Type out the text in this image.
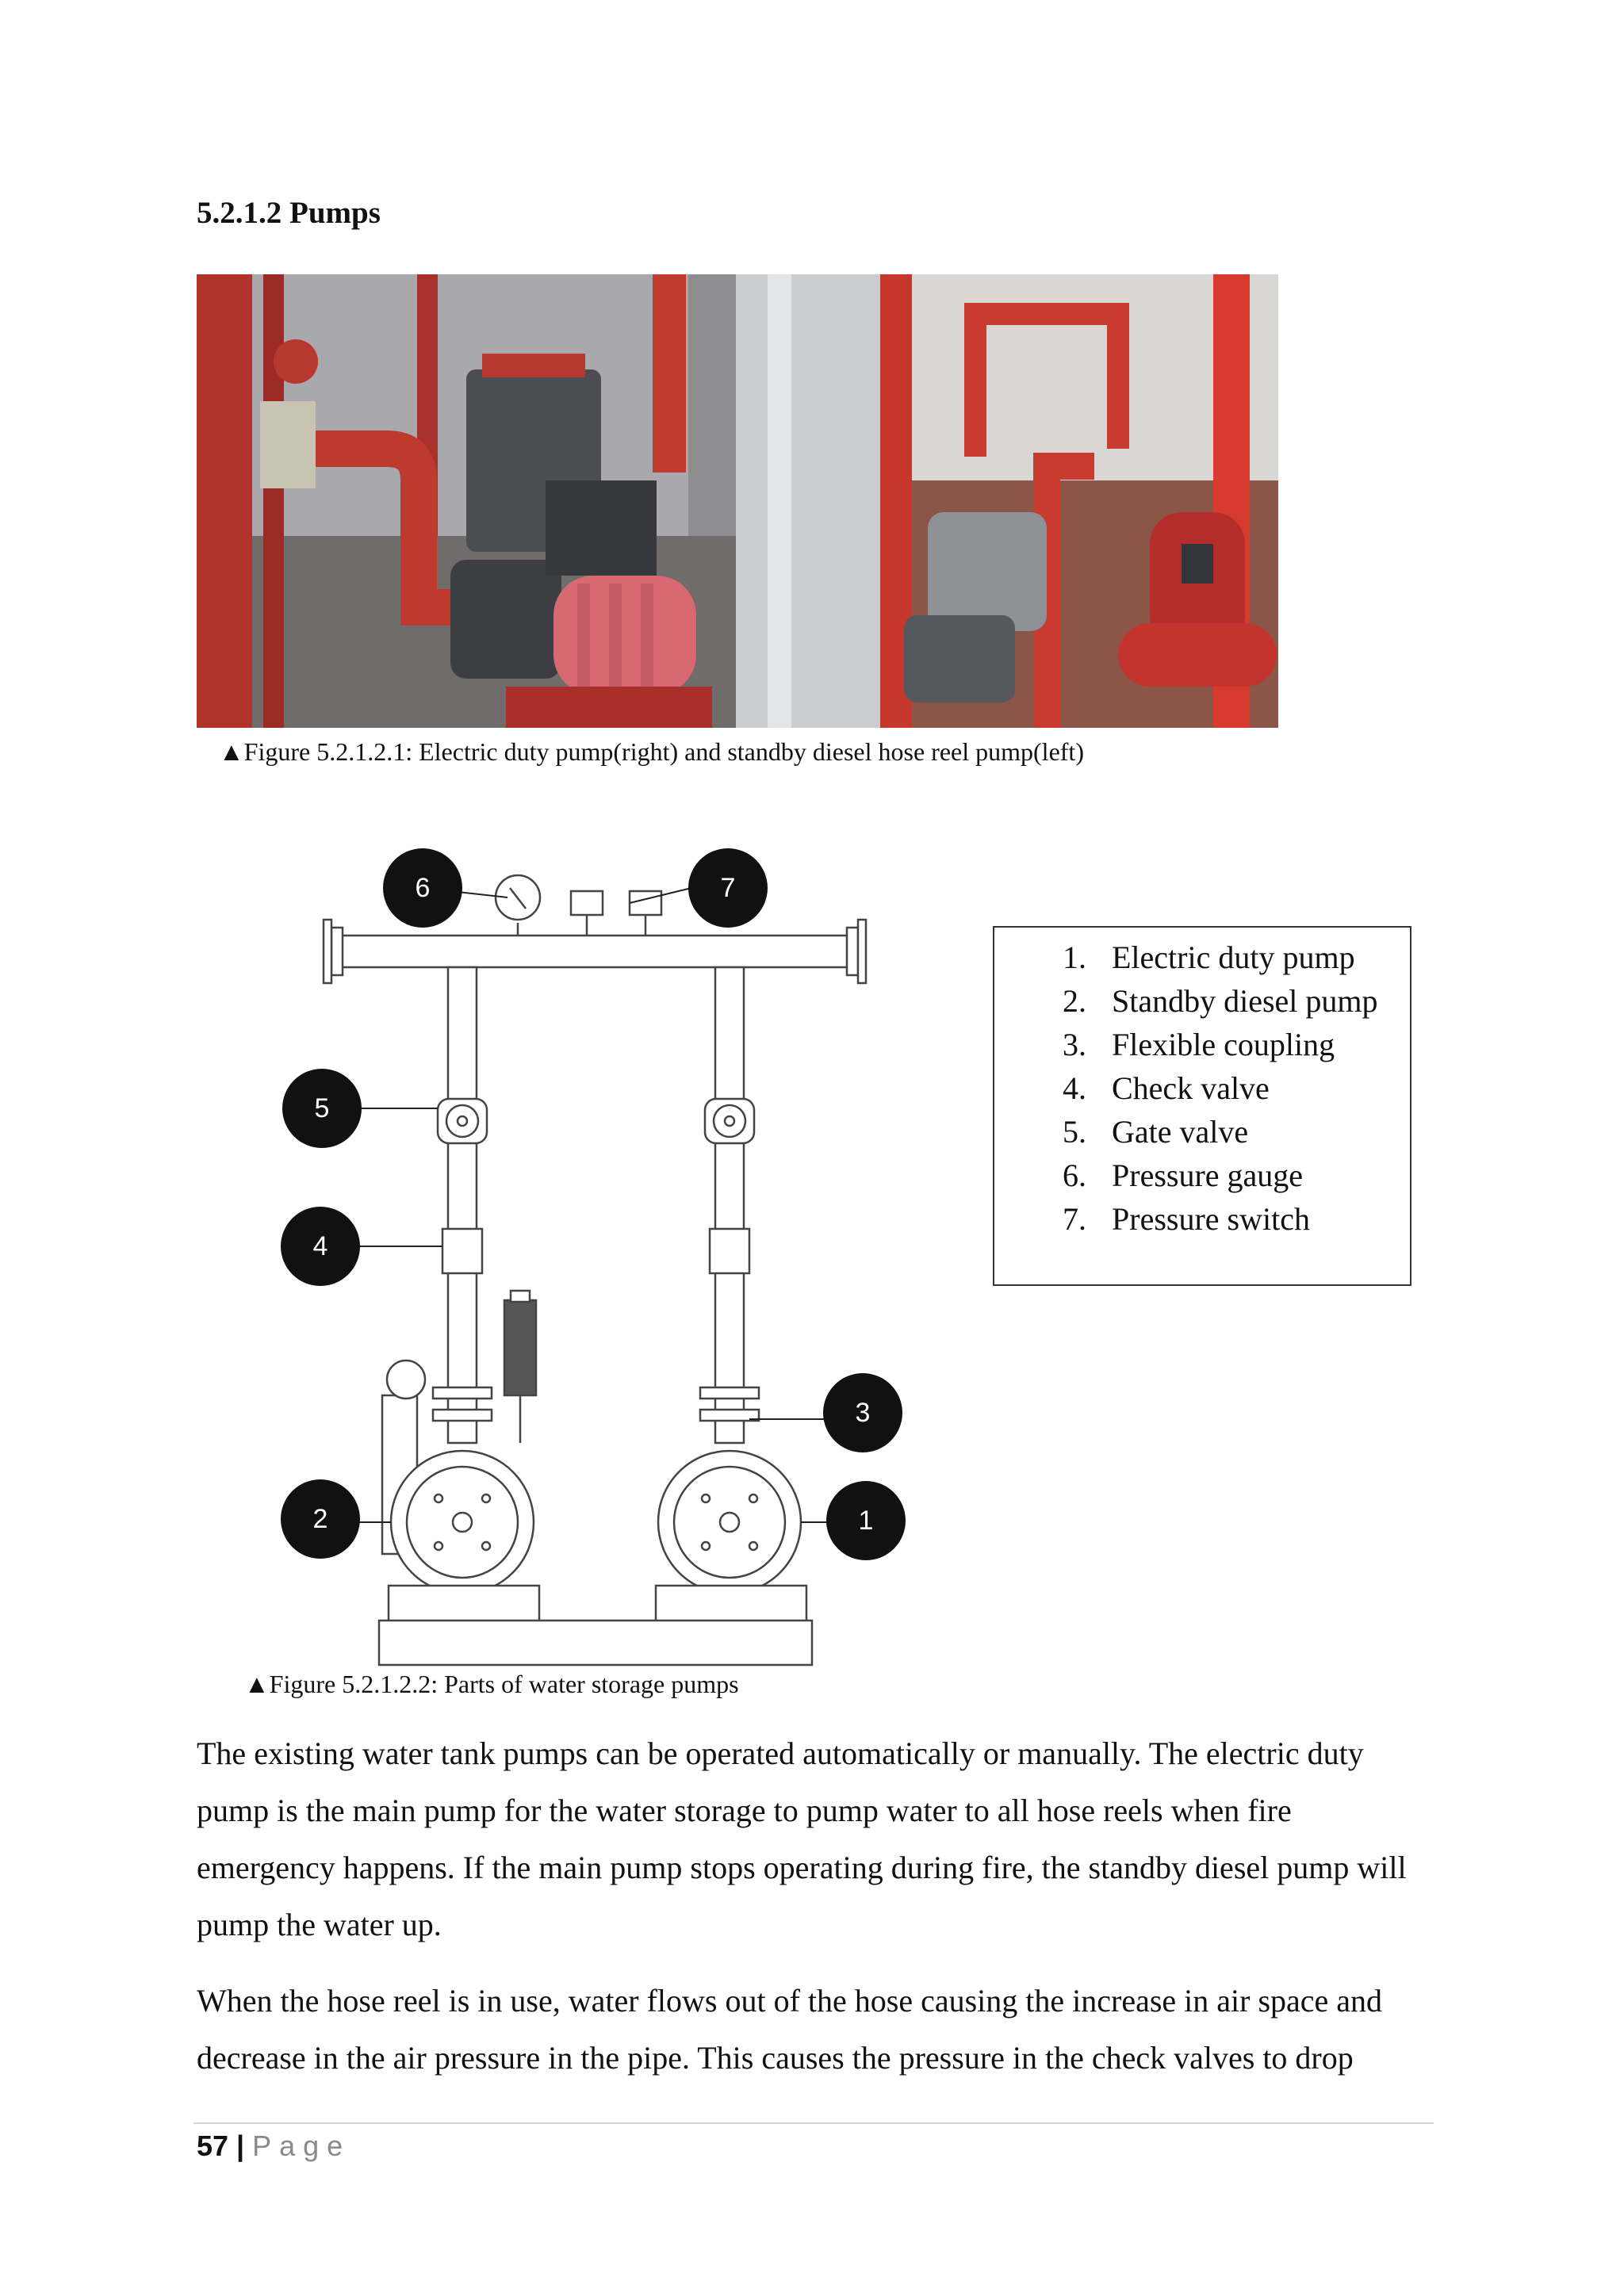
5.2.1.2 Pumps
▲Figure 5.2.1.2.1: Electric duty pump(right) and standby diesel hose reel pump(left)
6	7
5
4
3
2	1
1. Electric duty pump
2. Standby diesel pump
3. Flexible coupling
4. Check valve
5. Gate valve
6. Pressure gauge
7. Pressure switch
▲Figure 5.2.1.2.2: Parts of water storage pumps

The existing water tank pumps can be operated automatically or manually. The electric duty pump is the main pump for the water storage to pump water to all hose reels when fire emergency happens. If the main pump stops operating during fire, the standby diesel pump will pump the water up.

When the hose reel is in use, water flows out of the hose causing the increase in air space and decrease in the air pressure in the pipe. This causes the pressure in the check valves to drop

57 | Page
